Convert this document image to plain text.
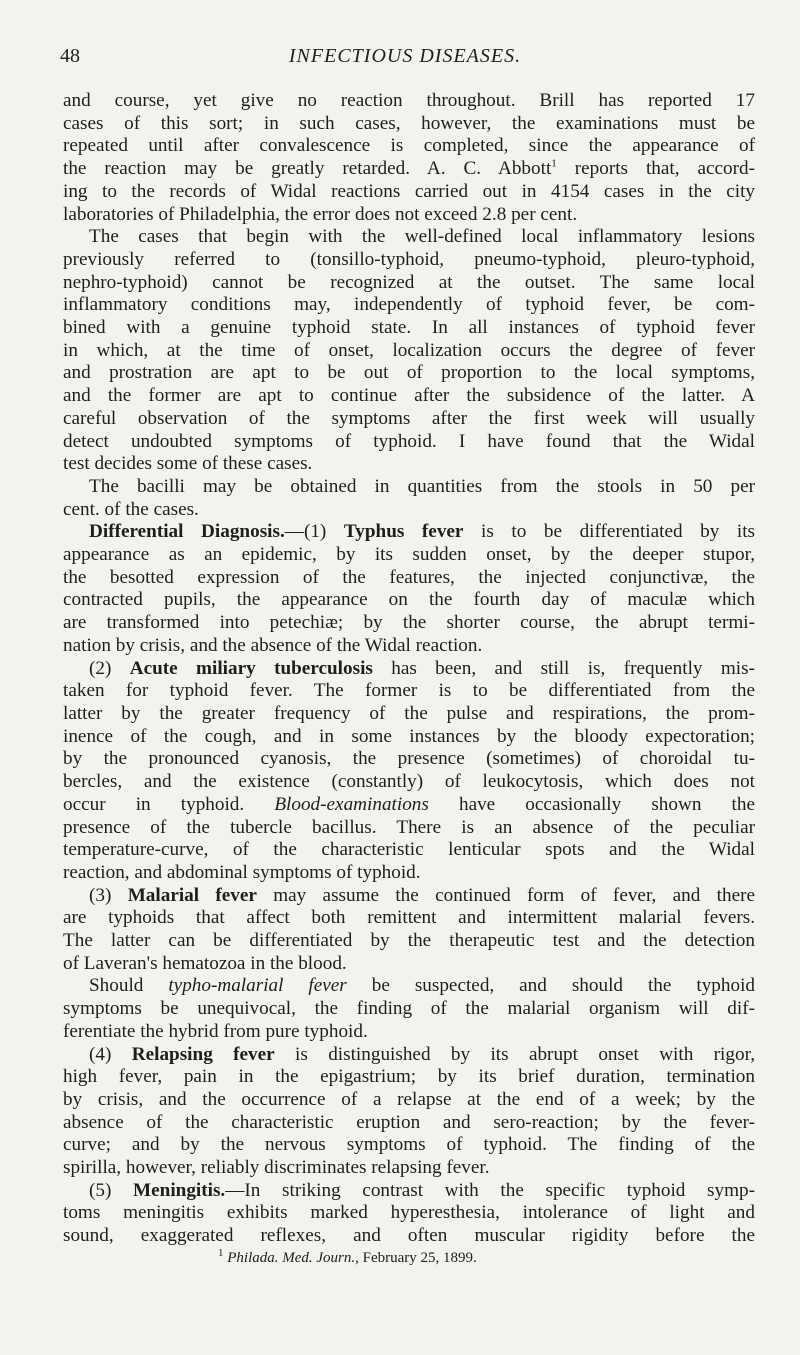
48	INFECTIOUS DISEASES.
and course, yet give no reaction throughout. Brill has reported 17
cases of this sort; in such cases, however, the examinations must be
repeated until after convalescence is completed, since the appearance of
the reaction may be greatly retarded. A. C. Abbott$^1$ reports that, accord-
ing to the records of Widal reactions carried out in 4154 cases in the city
laboratories of Philadelphia, the error does not exceed 2.8 per cent.
The cases that begin with the well-defined local inflammatory lesions
previously referred to (tonsillo-typhoid, pneumo-typhoid, pleuro-typhoid,
nephro-typhoid) cannot be recognized at the outset. The same local
inflammatory conditions may, independently of typhoid fever, be com-
bined with a genuine typhoid state. In all instances of typhoid fever
in which, at the time of onset, localization occurs the degree of fever
and prostration are apt to be out of proportion to the local symptoms,
and the former are apt to continue after the subsidence of the latter. A
careful observation of the symptoms after the first week will usually
detect undoubted symptoms of typhoid. I have found that the Widal
test decides some of these cases.
The bacilli may be obtained in quantities from the stools in 50 per
cent. of the cases.
Differential Diagnosis.—(1) Typhus fever is to be differentiated by its
appearance as an epidemic, by its sudden onset, by the deeper stupor,
the besotted expression of the features, the injected conjunctivæ, the
contracted pupils, the appearance on the fourth day of maculæ which
are transformed into petechiæ; by the shorter course, the abrupt termi-
nation by crisis, and the absence of the Widal reaction.
(2) Acute miliary tuberculosis has been, and still is, frequently mis-
taken for typhoid fever. The former is to be differentiated from the
latter by the greater frequency of the pulse and respirations, the prom-
inence of the cough, and in some instances by the bloody expectoration;
by the pronounced cyanosis, the presence (sometimes) of choroidal tu-
bercles, and the existence (constantly) of leukocytosis, which does not
occur in typhoid. Blood-examinations have occasionally shown the
presence of the tubercle bacillus. There is an absence of the peculiar
temperature-curve, of the characteristic lenticular spots and the Widal
reaction, and abdominal symptoms of typhoid.
(3) Malarial fever may assume the continued form of fever, and there
are typhoids that affect both remittent and intermittent malarial fevers.
The latter can be differentiated by the therapeutic test and the detection
of Laveran's hematozoa in the blood.
Should typho-malarial fever be suspected, and should the typhoid
symptoms be unequivocal, the finding of the malarial organism will dif-
ferentiate the hybrid from pure typhoid.
(4) Relapsing fever is distinguished by its abrupt onset with rigor,
high fever, pain in the epigastrium; by its brief duration, termination
by crisis, and the occurrence of a relapse at the end of a week; by the
absence of the characteristic eruption and sero-reaction; by the fever-
curve; and by the nervous symptoms of typhoid. The finding of the
spirilla, however, reliably discriminates relapsing fever.
(5) Meningitis.—In striking contrast with the specific typhoid symp-
toms meningitis exhibits marked hyperesthesia, intolerance of light and
sound, exaggerated reflexes, and often muscular rigidity before the
$^1$ Philada. Med. Journ., February 25, 1899.
